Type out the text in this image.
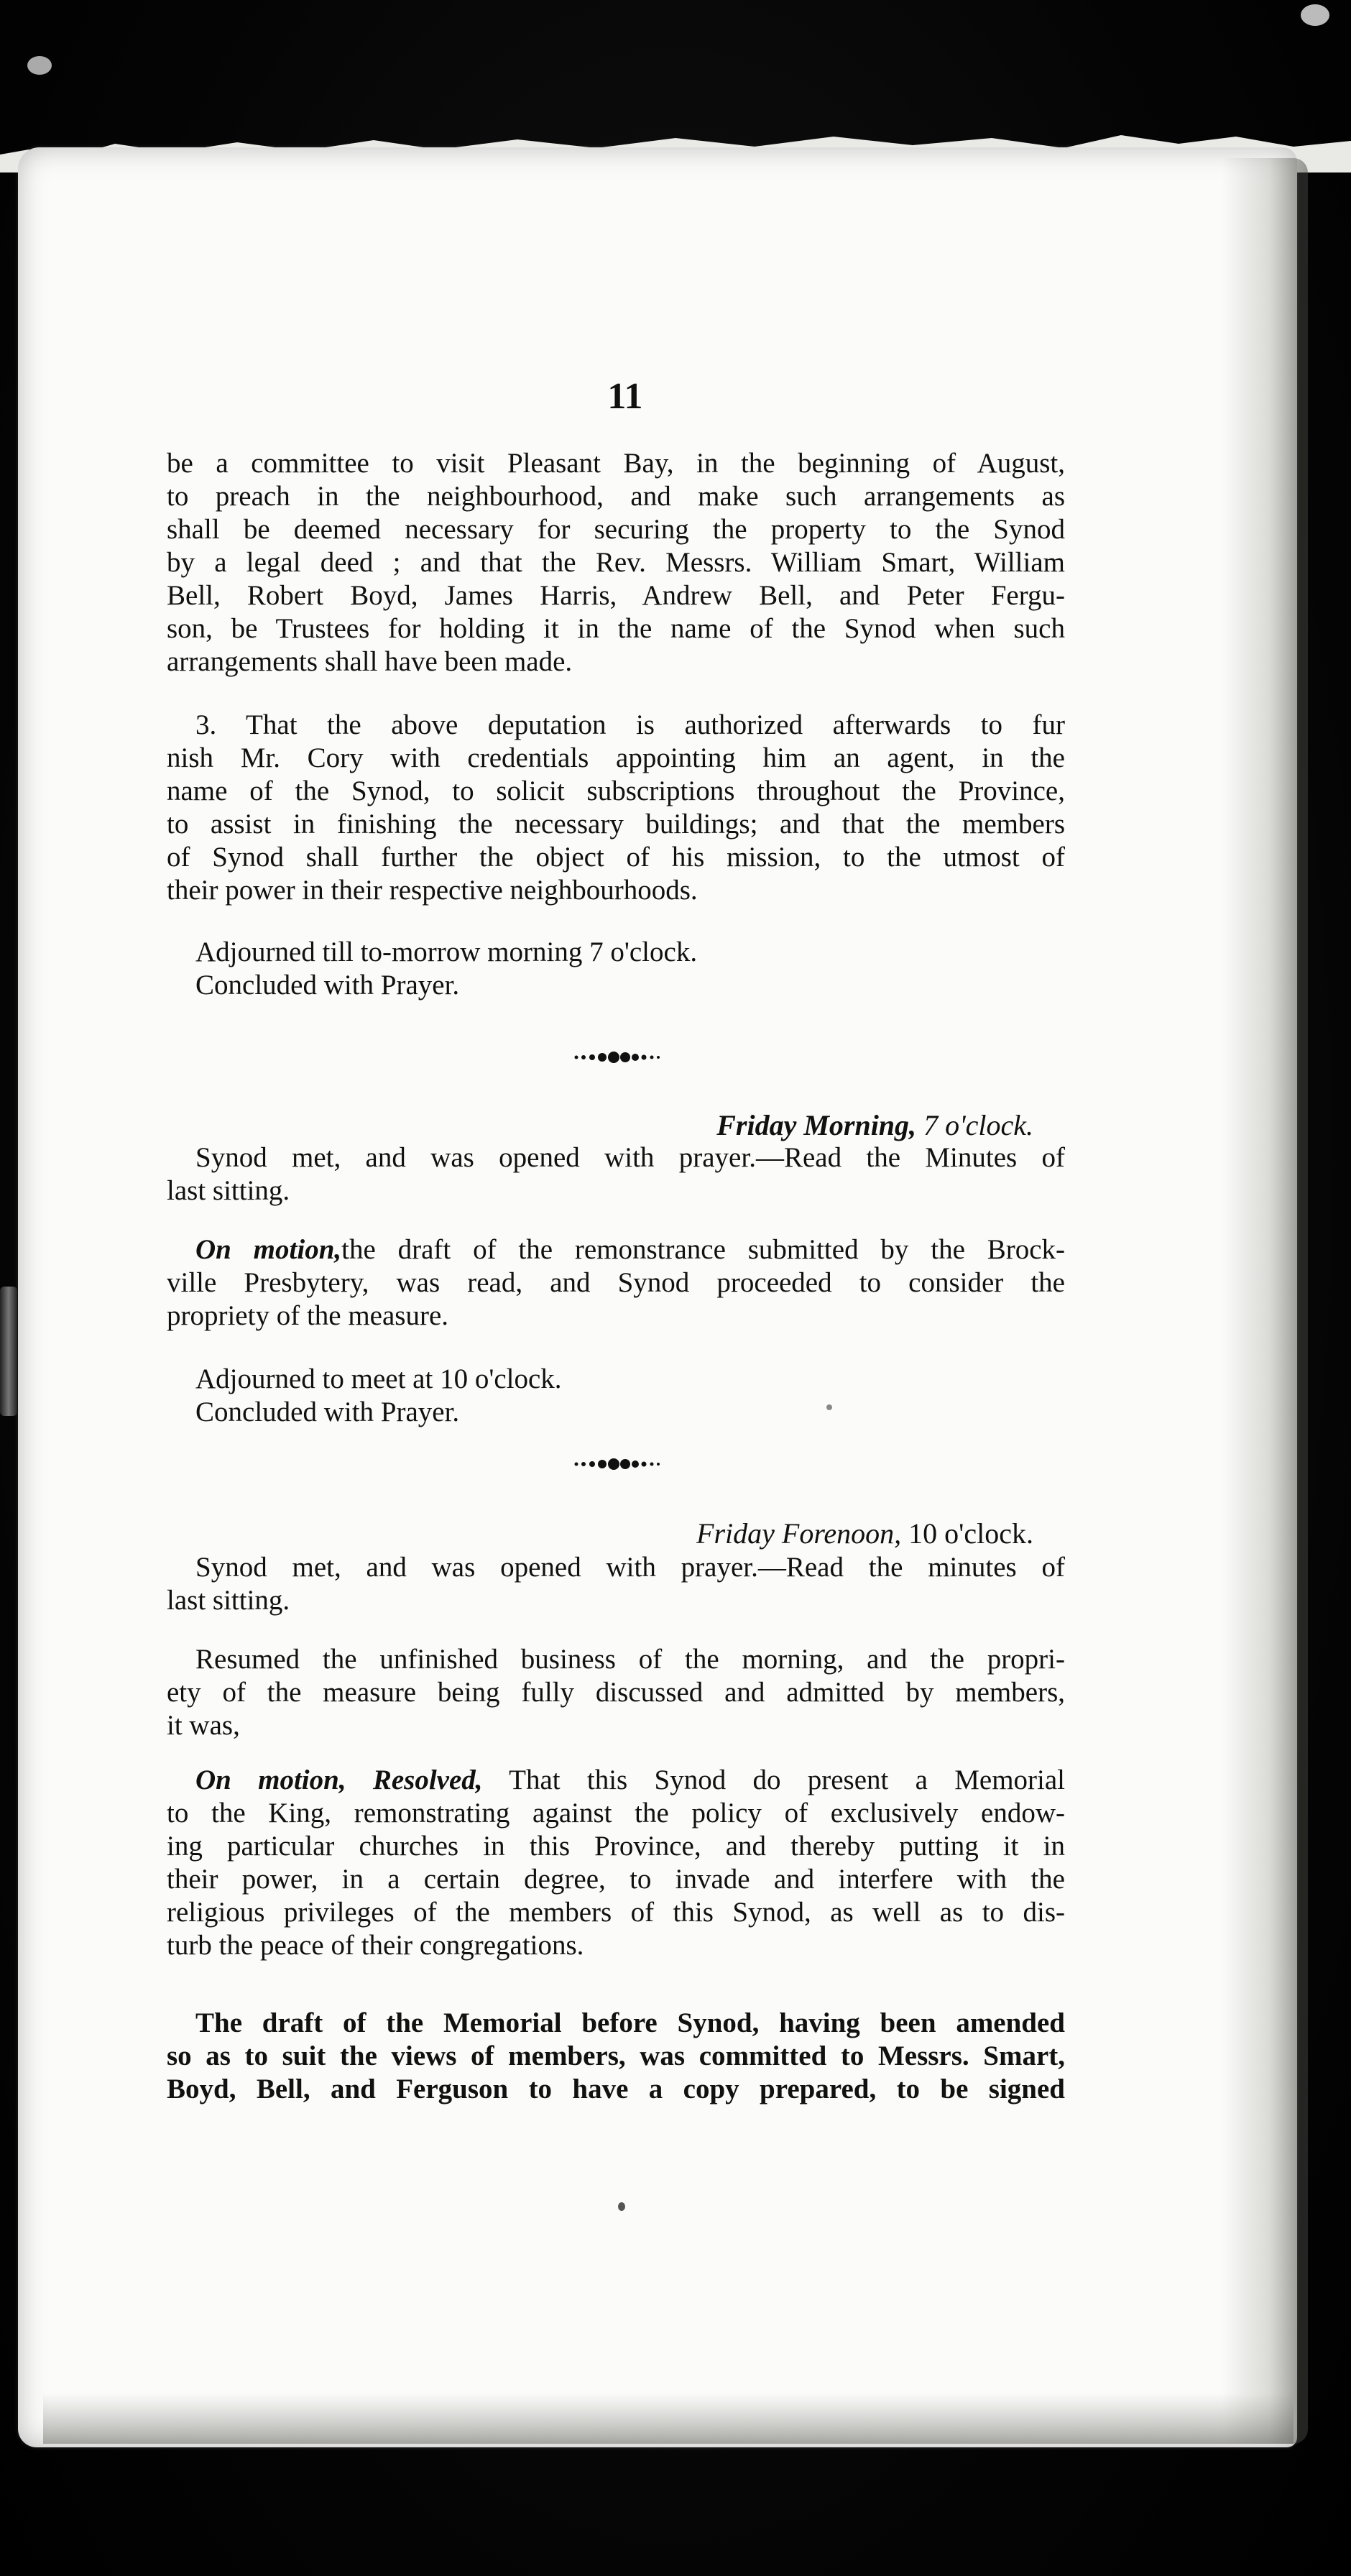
11
be a committee to visit Pleasant Bay, in the beginning of August,
to preach in the neighbourhood, and make such arrangements as
shall be deemed necessary for securing the property to the Synod
by a legal deed ; and that the Rev. Messrs. William Smart, William
Bell, Robert Boyd, James Harris, Andrew Bell, and Peter Fergu-
son, be Trustees for holding it in the name of the Synod when such
arrangements shall have been made.
3. That the above deputation is authorized afterwards to fur
nish Mr. Cory with credentials appointing him an agent, in the
name of the Synod, to solicit subscriptions throughout the Province,
to assist in finishing the necessary buildings; and that the members
of Synod shall further the object of his mission, to the utmost of
their power in their respective neighbourhoods.
Adjourned till to-morrow morning 7 o'clock.
Concluded with Prayer.
Friday Morning, 7 o'clock.
Synod met, and was opened with prayer.—Read the Minutes of
last sitting.
On motion,the draft of the remonstrance submitted by the Brock-
ville Presbytery, was read, and Synod proceeded to consider the
propriety of the measure.
Adjourned to meet at 10 o'clock.
Concluded with Prayer.
Friday Forenoon, 10 o'clock.
Synod met, and was opened with prayer.—Read the minutes of
last sitting.
Resumed the unfinished business of the morning, and the propri-
ety of the measure being fully discussed and admitted by members,
it was,
On motion, Resolved, That this Synod do present a Memorial
to the King, remonstrating against the policy of exclusively endow-
ing particular churches in this Province, and thereby putting it in
their power, in a certain degree, to invade and interfere with the
religious privileges of the members of this Synod, as well as to dis-
turb the peace of their congregations.
The draft of the Memorial before Synod, having been amended
so as to suit the views of members, was committed to Messrs. Smart,
Boyd, Bell, and Ferguson to have a copy prepared, to be signed
